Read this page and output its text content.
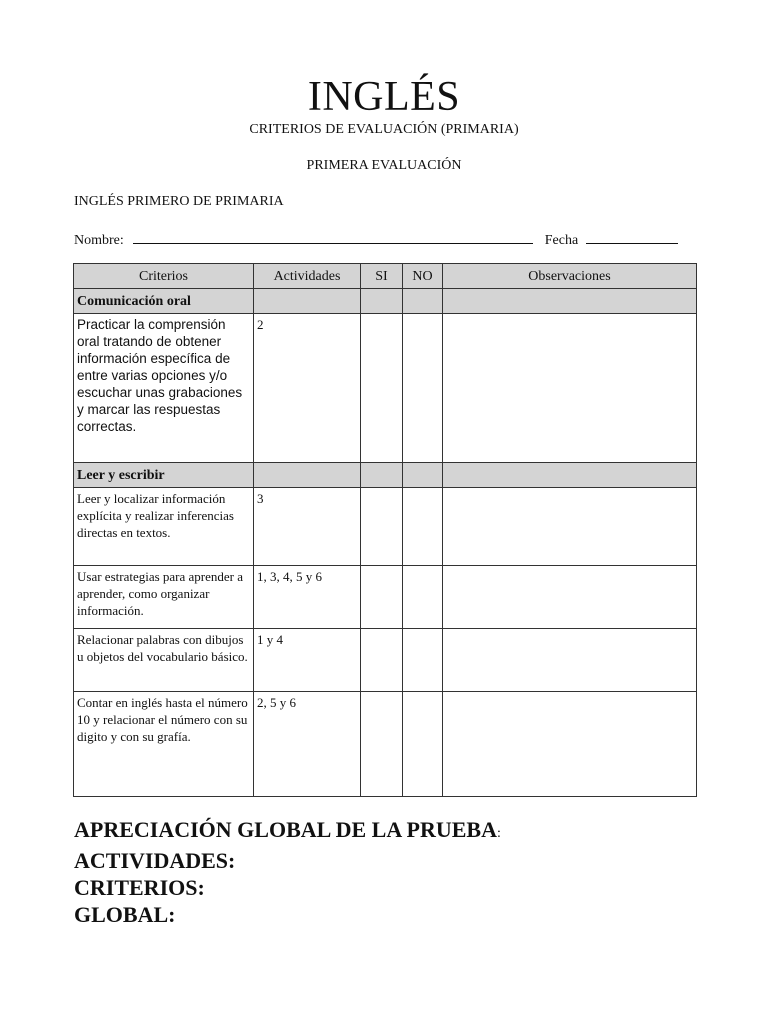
INGLÉS
CRITERIOS DE EVALUACIÓN (PRIMARIA)
PRIMERA EVALUACIÓN
INGLÉS PRIMERO DE PRIMARIA
Nombre:	Fecha
Criterios	Actividades	SI	NO	Observaciones
Comunicación oral				
Practicar la comprensión oral tratando de obtener información específica de entre varias opciones y/o escuchar unas grabaciones y marcar las respuestas correctas.	2			
Leer y escribir				
Leer y localizar información explícita y realizar inferencias directas en textos.	3			
Usar estrategias para aprender a aprender, como organizar información.	1, 3, 4, 5 y 6			
Relacionar palabras con dibujos u objetos del vocabulario básico.	1 y 4			
Contar en inglés hasta el número 10 y relacionar el número con su digito y con su grafía.	2, 5 y 6			
APRECIACIÓN GLOBAL DE LA PRUEBA:
ACTIVIDADES:
CRITERIOS:
GLOBAL:
